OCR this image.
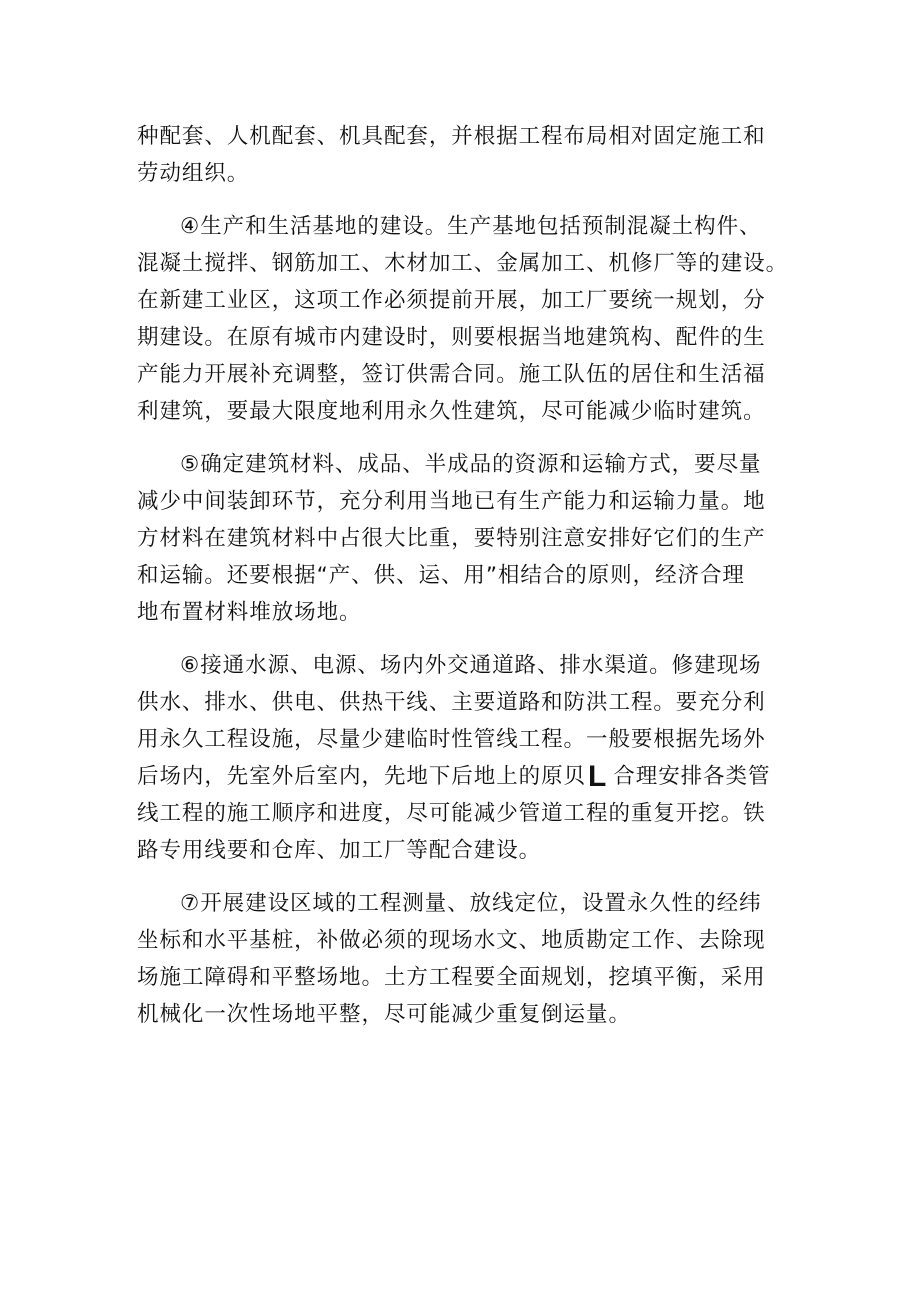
种配套、人机配套、机具配套，并根据工程布局相对固定施工和
劳动组织。

④生产和生活基地的建设。生产基地包括预制混凝土构件、
混凝土搅拌、钢筋加工、木材加工、金属加工、机修厂等的建设。
在新建工业区，这项工作必须提前开展，加工厂要统一规划，分
期建设。在原有城市内建设时，则要根据当地建筑构、配件的生
产能力开展补充调整，签订供需合同。施工队伍的居住和生活福
利建筑，要最大限度地利用永久性建筑，尽可能减少临时建筑。

⑤确定建筑材料、成品、半成品的资源和运输方式，要尽量
减少中间装卸环节，充分利用当地已有生产能力和运输力量。地
方材料在建筑材料中占很大比重，要特别注意安排好它们的生产
和运输。还要根据“产、供、运、用”相结合的原则，经济合理
地布置材料堆放场地。

⑥接通水源、电源、场内外交通道路、排水渠道。修建现场
供水、排水、供电、供热干线、主要道路和防洪工程。要充分利
用永久工程设施，尽量少建临时性管线工程。一般要根据先场外
后场内，先室外后室内，先地下后地上的原贝L 合理安排各类管
线工程的施工顺序和进度，尽可能减少管道工程的重复开挖。铁
路专用线要和仓库、加工厂等配合建设。

⑦开展建设区域的工程测量、放线定位，设置永久性的经纬
坐标和水平基桩，补做必须的现场水文、地质勘定工作、去除现
场施工障碍和平整场地。土方工程要全面规划，挖填平衡，采用
机械化一次性场地平整，尽可能减少重复倒运量。
